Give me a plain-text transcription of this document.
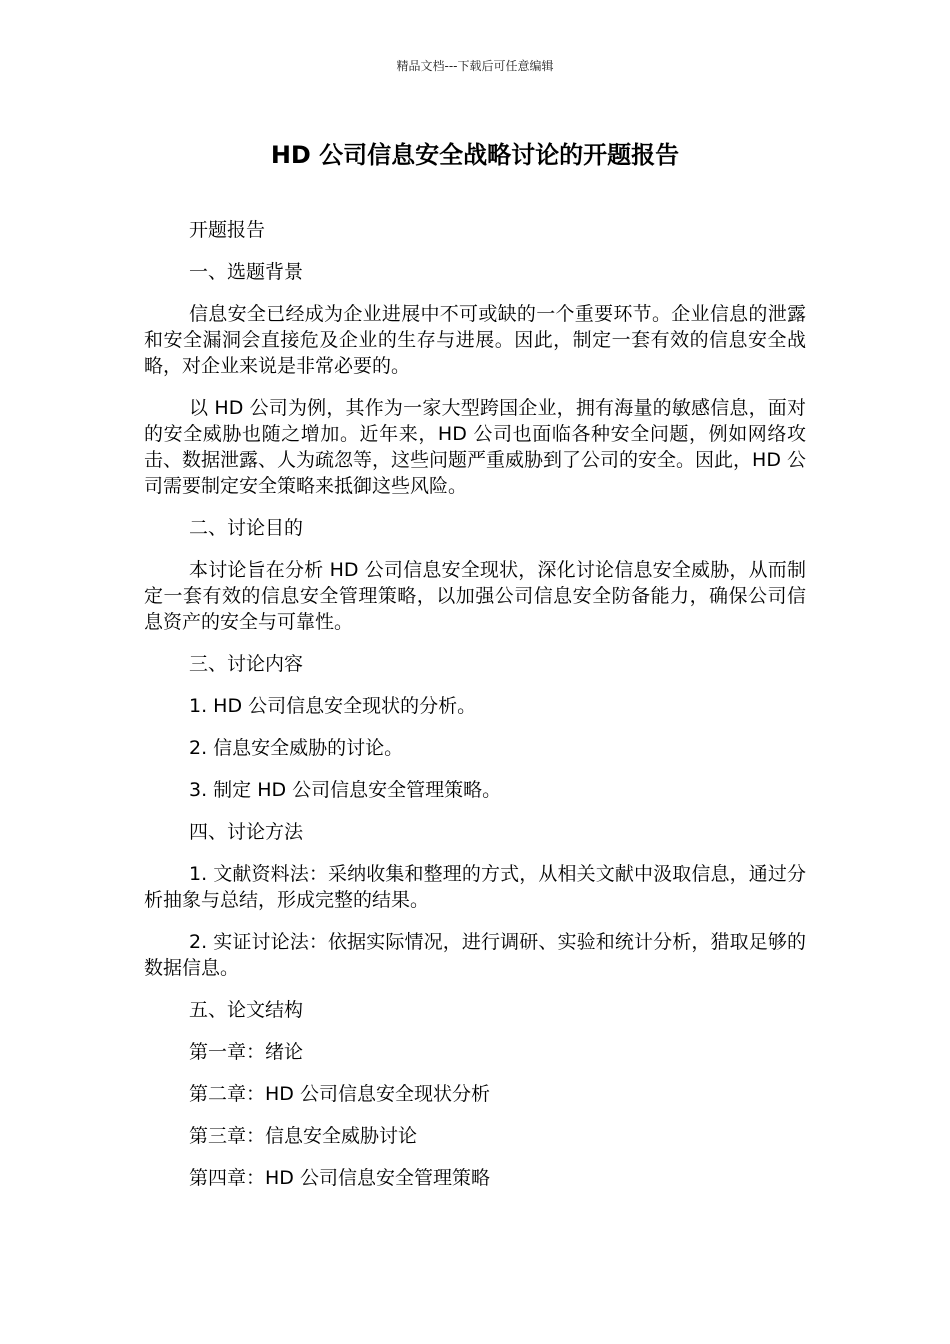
精品文档---下载后可任意编辑
HD 公司信息安全战略讨论的开题报告

开题报告

一、选题背景

信息安全已经成为企业进展中不可或缺的一个重要环节。企业信息的泄露和安全漏洞会直接危及企业的生存与进展。因此，制定一套有效的信息安全战略，对企业来说是非常必要的。

以 HD 公司为例，其作为一家大型跨国企业，拥有海量的敏感信息，面对的安全威胁也随之增加。近年来，HD 公司也面临各种安全问题，例如网络攻击、数据泄露、人为疏忽等，这些问题严重威胁到了公司的安全。因此，HD 公司需要制定安全策略来抵御这些风险。

二、讨论目的

本讨论旨在分析 HD 公司信息安全现状，深化讨论信息安全威胁，从而制定一套有效的信息安全管理策略，以加强公司信息安全防备能力，确保公司信息资产的安全与可靠性。

三、讨论内容

1. HD 公司信息安全现状的分析。

2. 信息安全威胁的讨论。

3. 制定 HD 公司信息安全管理策略。

四、讨论方法

1. 文献资料法：采纳收集和整理的方式，从相关文献中汲取信息，通过分析抽象与总结，形成完整的结果。

2. 实证讨论法：依据实际情况，进行调研、实验和统计分析，猎取足够的数据信息。

五、论文结构

第一章：绪论

第二章：HD 公司信息安全现状分析

第三章：信息安全威胁讨论

第四章：HD 公司信息安全管理策略
